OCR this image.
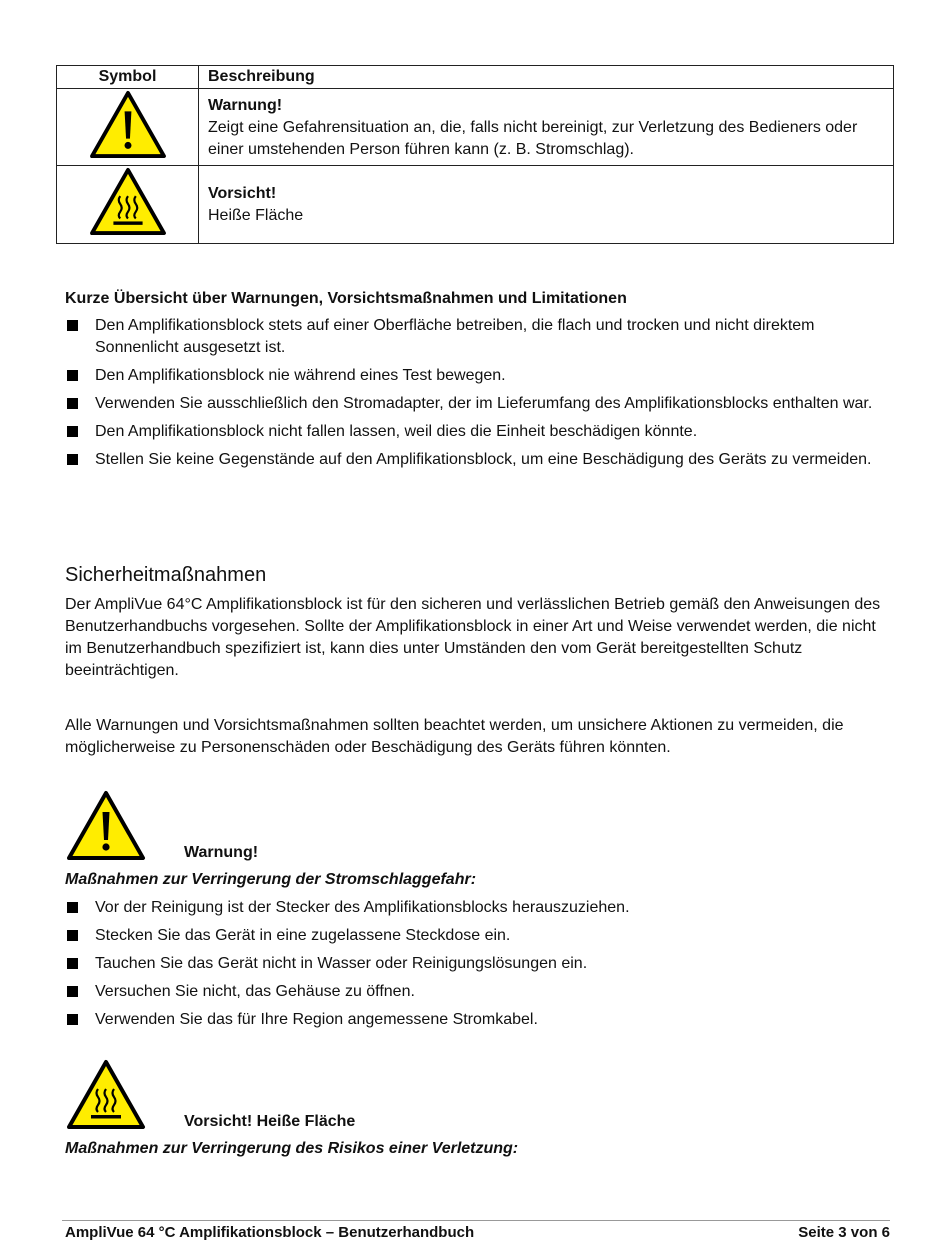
Symbol	Beschreibung

Warnung!
Zeigt eine Gefahrensituation an, die, falls nicht bereinigt, zur Verletzung des Bedieners oder einer umstehenden Person führen kann (z. B. Stromschlag).

Vorsicht!
Heiße Fläche
Kurze Übersicht über Warnungen, Vorsichtsmaßnahmen und Limitationen
Den Amplifikationsblock stets auf einer Oberfläche betreiben, die flach und trocken und nicht direktem Sonnenlicht ausgesetzt ist.
Den Amplifikationsblock nie während eines Test bewegen.
Verwenden Sie ausschließlich den Stromadapter, der im Lieferumfang des Amplifikationsblocks enthalten war.
Den Amplifikationsblock nicht fallen lassen, weil dies die Einheit beschädigen könnte.
Stellen Sie keine Gegenstände auf den Amplifikationsblock, um eine Beschädigung des Geräts zu vermeiden.
Sicherheitmaßnahmen
Der AmpliVue 64°C Amplifikationsblock ist für den sicheren und verlässlichen Betrieb gemäß den Anweisungen des Benutzerhandbuchs vorgesehen. Sollte der Amplifikationsblock in einer Art und Weise verwendet werden, die nicht im Benutzerhandbuch spezifiziert ist, kann dies unter Umständen den vom Gerät bereitgestellten Schutz beeinträchtigen.
Alle Warnungen und Vorsichtsmaßnahmen sollten beachtet werden, um unsichere Aktionen zu vermeiden, die möglicherweise zu Personenschäden oder Beschädigung des Geräts führen könnten.
Warnung!
Maßnahmen zur Verringerung der Stromschlaggefahr:
Vor der Reinigung ist der Stecker des Amplifikationsblocks herauszuziehen.
Stecken Sie das Gerät in eine zugelassene Steckdose ein.
Tauchen Sie das Gerät nicht in Wasser oder Reinigungslösungen ein.
Versuchen Sie nicht, das Gehäuse zu öffnen.
Verwenden Sie das für Ihre Region angemessene Stromkabel.
Vorsicht! Heiße Fläche
Maßnahmen zur Verringerung des Risikos einer Verletzung:
AmpliVue 64 °C Amplifikationsblock – Benutzerhandbuch	Seite 3 von 6
